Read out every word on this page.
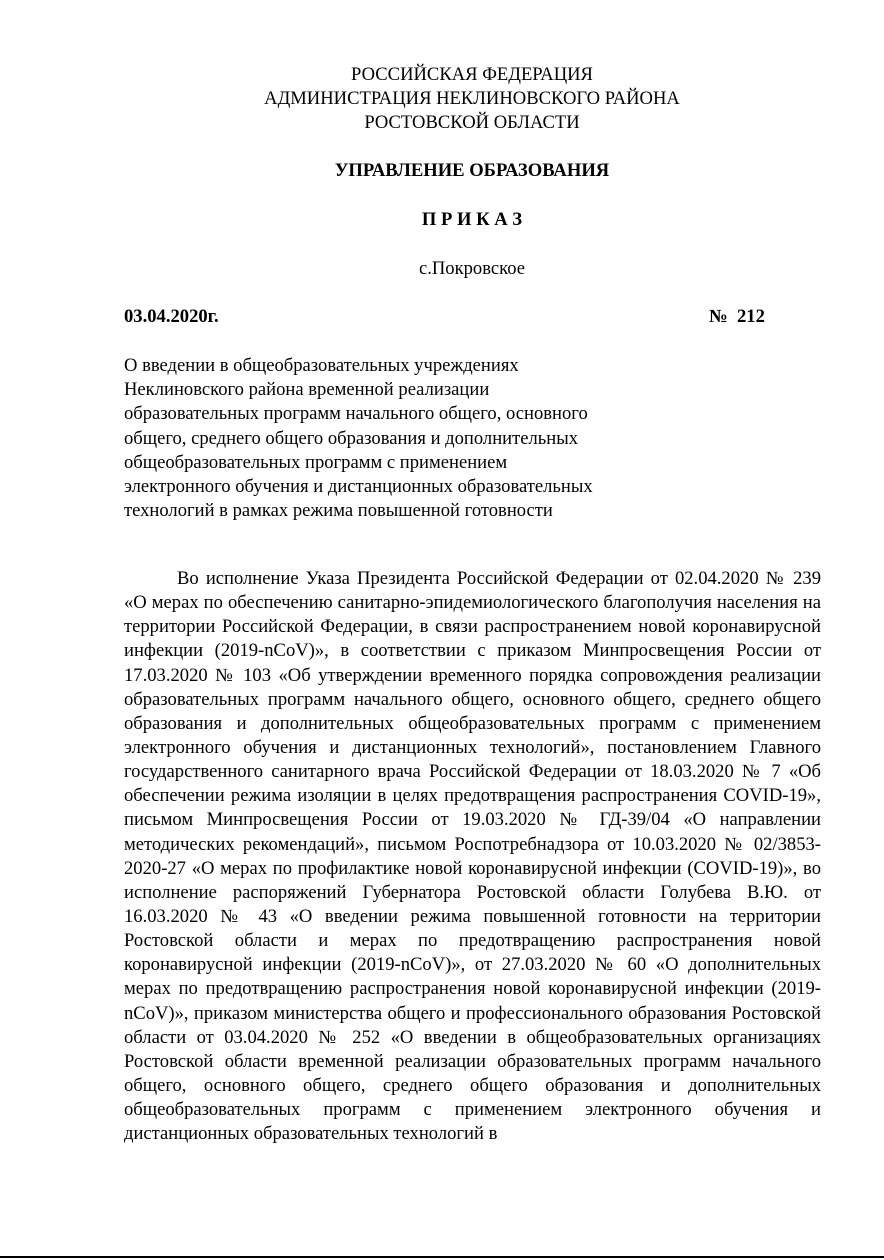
РОССИЙСКАЯ ФЕДЕРАЦИЯ
АДМИНИСТРАЦИЯ НЕКЛИНОВСКОГО РАЙОНА
РОСТОВСКОЙ ОБЛАСТИ
УПРАВЛЕНИЕ ОБРАЗОВАНИЯ
П Р И К А З
с.Покровское
03.04.2020г.	№  212
О введении в общеобразовательных учреждениях
Неклиновского района временной реализации
образовательных программ начального общего, основного
общего, среднего общего образования и дополнительных
общеобразовательных программ с применением
электронного обучения и дистанционных образовательных
технологий в рамках режима повышенной готовности
Во исполнение Указа Президента Российской Федерации от 02.04.2020 № 239 «О мерах по обеспечению санитарно-эпидемиологического благополучия населения на территории Российской Федерации, в связи распространением новой коронавирусной инфекции (2019-nCoV)», в соответствии с приказом Минпросвещения России от 17.03.2020 № 103 «Об утверждении временного порядка сопровождения реализации образовательных программ начального общего, основного общего, среднего общего образования и дополнительных общеобразовательных программ с применением электронного обучения и дистанционных технологий», постановлением Главного государственного санитарного врача Российской Федерации от 18.03.2020 № 7 «Об обеспечении режима изоляции в целях предотвращения распространения COVID-19», письмом Минпросвещения России от 19.03.2020 № ГД-39/04 «О направлении методических рекомендаций», письмом Роспотребнадзора от 10.03.2020 № 02/3853-2020-27 «О мерах по профилактике новой коронавирусной инфекции (COVID-19)», во исполнение распоряжений Губернатора Ростовской области Голубева В.Ю. от 16.03.2020 № 43 «О введении режима повышенной готовности на территории Ростовской области и мерах по предотвращению распространения новой коронавирусной инфекции (2019-nCoV)», от 27.03.2020 № 60 «О дополнительных мерах по предотвращению распространения новой коронавирусной инфекции (2019-nCoV)», приказом министерства общего и профессионального образования Ростовской области от 03.04.2020 № 252 «О введении в общеобразовательных организациях Ростовской области временной реализации образовательных программ начального общего, основного общего, среднего общего образования и дополнительных общеобразовательных программ с применением электронного обучения и дистанционных образовательных технологий в
